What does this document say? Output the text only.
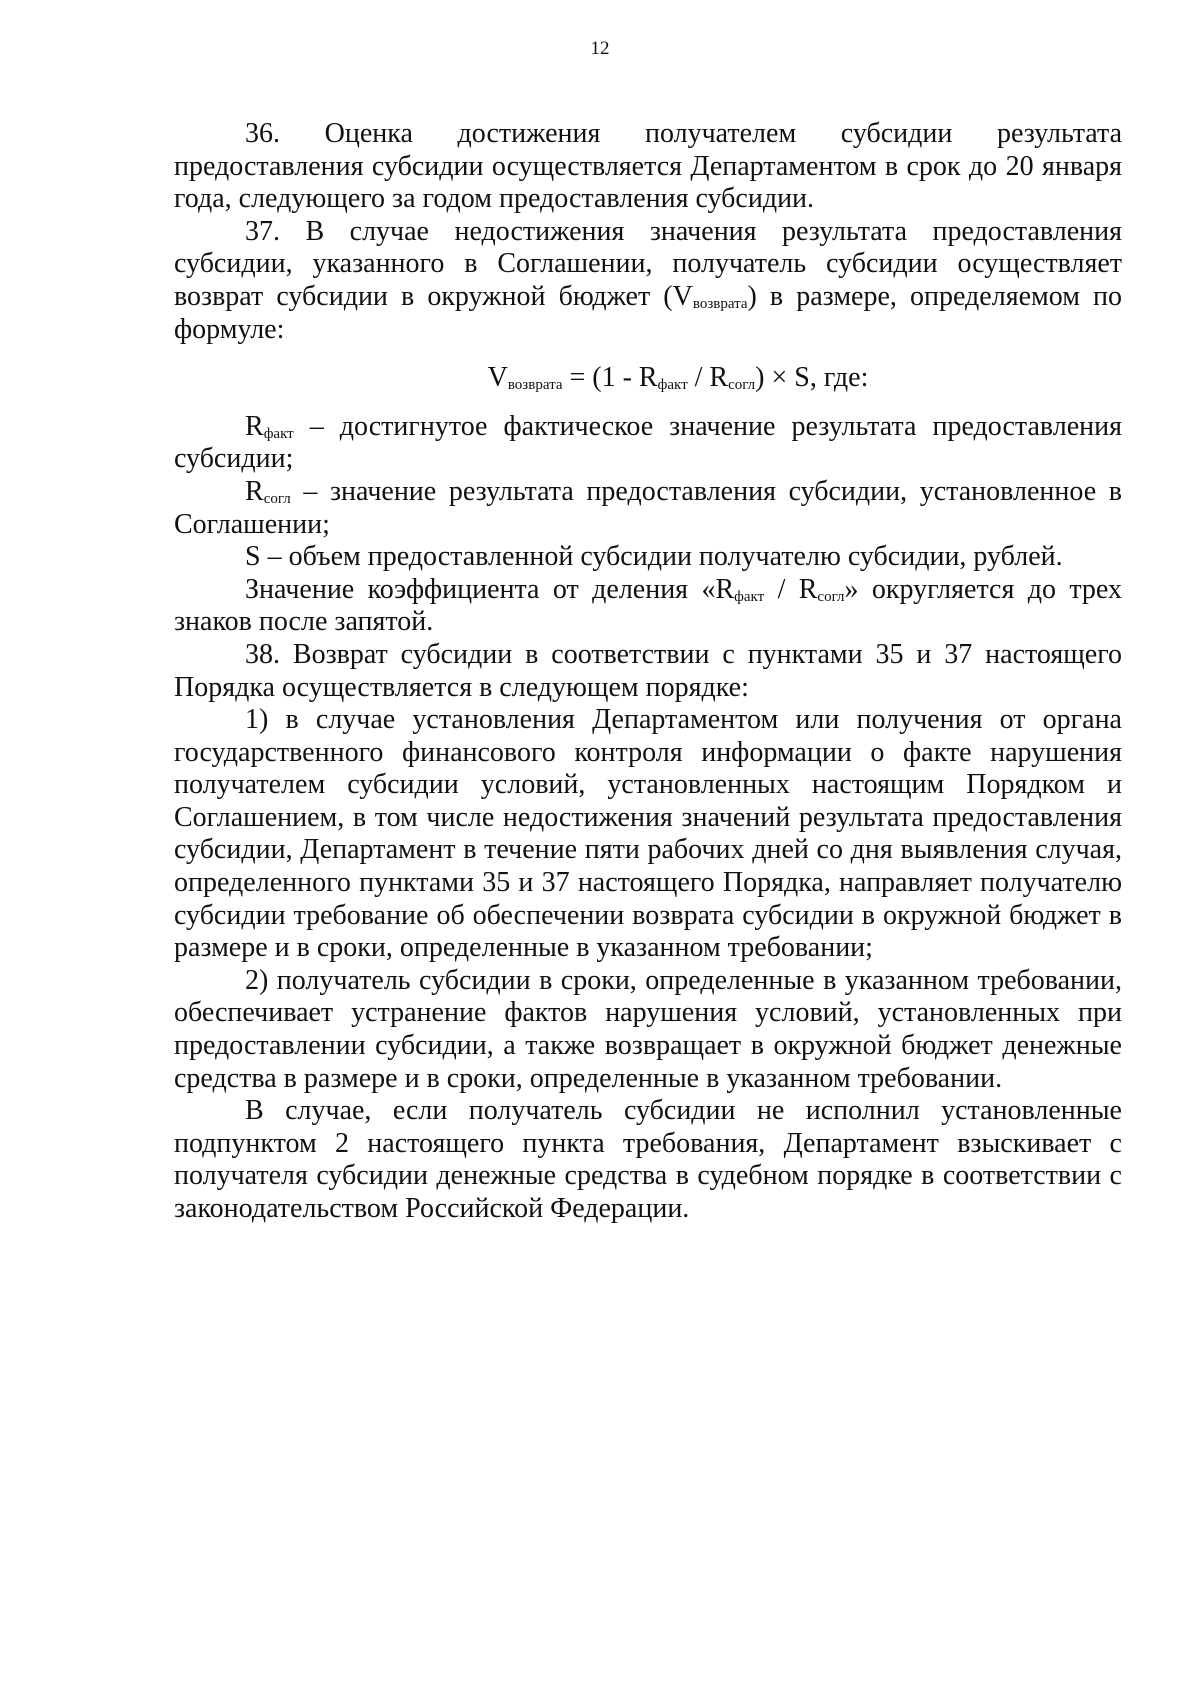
12

36. Оценка достижения получателем субсидии результата предоставления субсидии осуществляется Департаментом в срок до 20 января года, следующего за годом предоставления субсидии.

37. В случае недостижения значения результата предоставления субсидии, указанного в Соглашении, получатель субсидии осуществляет возврат субсидии в окружной бюджет $(V_{возврата})$ в размере, определяемом по формуле:

$V_{возврата} = (1 - R_{факт} / R_{согл}) \times S$, где:

$R_{факт}$ – достигнутое фактическое значение результата предоставления субсидии;

$R_{согл}$ – значение результата предоставления субсидии, установленное в Соглашении;

S – объем предоставленной субсидии получателю субсидии, рублей.

Значение коэффициента от деления «$R_{факт} / R_{согл}$» округляется до трех знаков после запятой.

38. Возврат субсидии в соответствии с пунктами 35 и 37 настоящего Порядка осуществляется в следующем порядке:

1) в случае установления Департаментом или получения от органа государственного финансового контроля информации о факте нарушения получателем субсидии условий, установленных настоящим Порядком и Соглашением, в том числе недостижения значений результата предоставления субсидии, Департамент в течение пяти рабочих дней со дня выявления случая, определенного пунктами 35 и 37 настоящего Порядка, направляет получателю субсидии требование об обеспечении возврата субсидии в окружной бюджет в размере и в сроки, определенные в указанном требовании;

2) получатель субсидии в сроки, определенные в указанном требовании, обеспечивает устранение фактов нарушения условий, установленных при предоставлении субсидии, а также возвращает в окружной бюджет денежные средства в размере и в сроки, определенные в указанном требовании.

В случае, если получатель субсидии не исполнил установленные подпунктом 2 настоящего пункта требования, Департамент взыскивает с получателя субсидии денежные средства в судебном порядке в соответствии с законодательством Российской Федерации.
